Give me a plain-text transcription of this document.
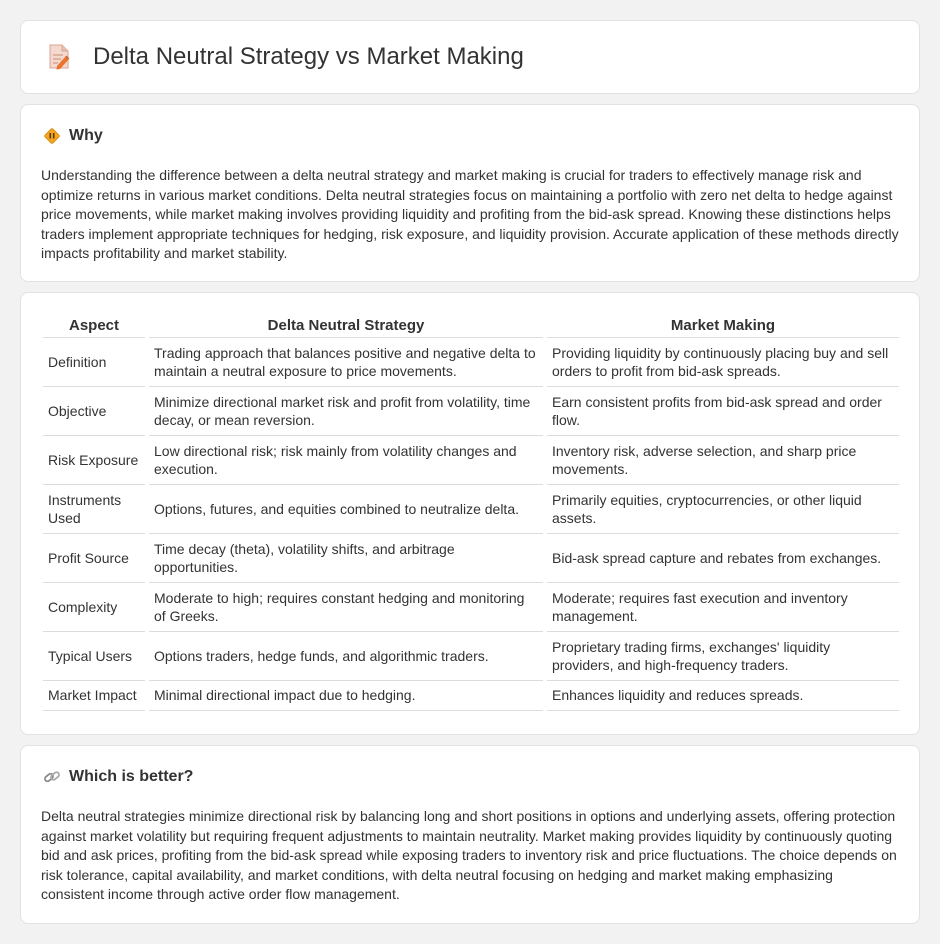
Delta Neutral Strategy vs Market Making
Why

Understanding the difference between a delta neutral strategy and market making is crucial for traders to effectively manage risk and optimize returns in various market conditions. Delta neutral strategies focus on maintaining a portfolio with zero net delta to hedge against price movements, while market making involves providing liquidity and profiting from the bid-ask spread. Knowing these distinctions helps traders implement appropriate techniques for hedging, risk exposure, and liquidity provision. Accurate application of these methods directly impacts profitability and market stability.

Aspect	Delta Neutral Strategy	Market Making
Definition	Trading approach that balances positive and negative delta to maintain a neutral exposure to price movements.	Providing liquidity by continuously placing buy and sell orders to profit from bid-ask spreads.
Objective	Minimize directional market risk and profit from volatility, time decay, or mean reversion.	Earn consistent profits from bid-ask spread and order flow.
Risk Exposure	Low directional risk; risk mainly from volatility changes and execution.	Inventory risk, adverse selection, and sharp price movements.
Instruments Used	Options, futures, and equities combined to neutralize delta.	Primarily equities, cryptocurrencies, or other liquid assets.
Profit Source	Time decay (theta), volatility shifts, and arbitrage opportunities.	Bid-ask spread capture and rebates from exchanges.
Complexity	Moderate to high; requires constant hedging and monitoring of Greeks.	Moderate; requires fast execution and inventory management.
Typical Users	Options traders, hedge funds, and algorithmic traders.	Proprietary trading firms, exchanges' liquidity providers, and high-frequency traders.
Market Impact	Minimal directional impact due to hedging.	Enhances liquidity and reduces spreads.
Which is better?

Delta neutral strategies minimize directional risk by balancing long and short positions in options and underlying assets, offering protection against market volatility but requiring frequent adjustments to maintain neutrality. Market making provides liquidity by continuously quoting bid and ask prices, profiting from the bid-ask spread while exposing traders to inventory risk and price fluctuations. The choice depends on risk tolerance, capital availability, and market conditions, with delta neutral focusing on hedging and market making emphasizing consistent income through active order flow management.
